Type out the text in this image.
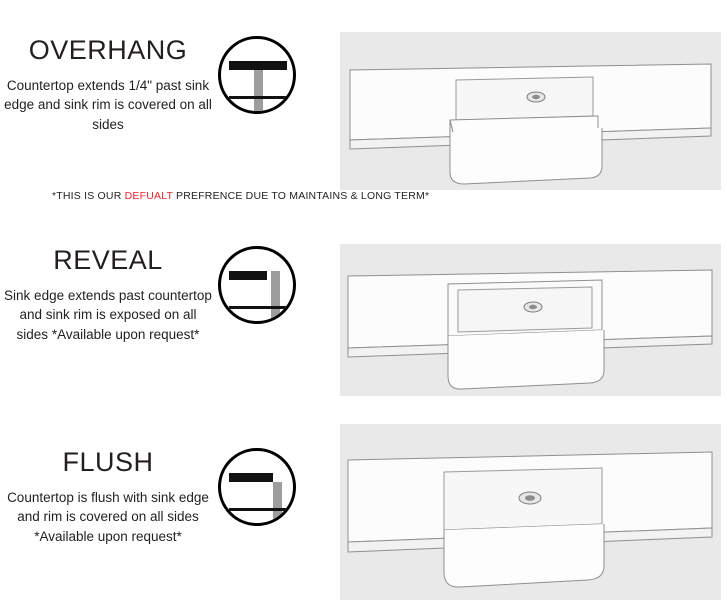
OVERHANG

Countertop extends 1/4" past sink edge and sink rim is covered on all sides

*THIS IS OUR DEFUALT PREFRENCE DUE TO MAINTAINS & LONG TERM*
REVEAL

Sink edge extends past countertop and sink rim is exposed on all sides *Available upon request*

FLUSH

Countertop is flush with sink edge and rim is covered on all sides *Available upon request*
